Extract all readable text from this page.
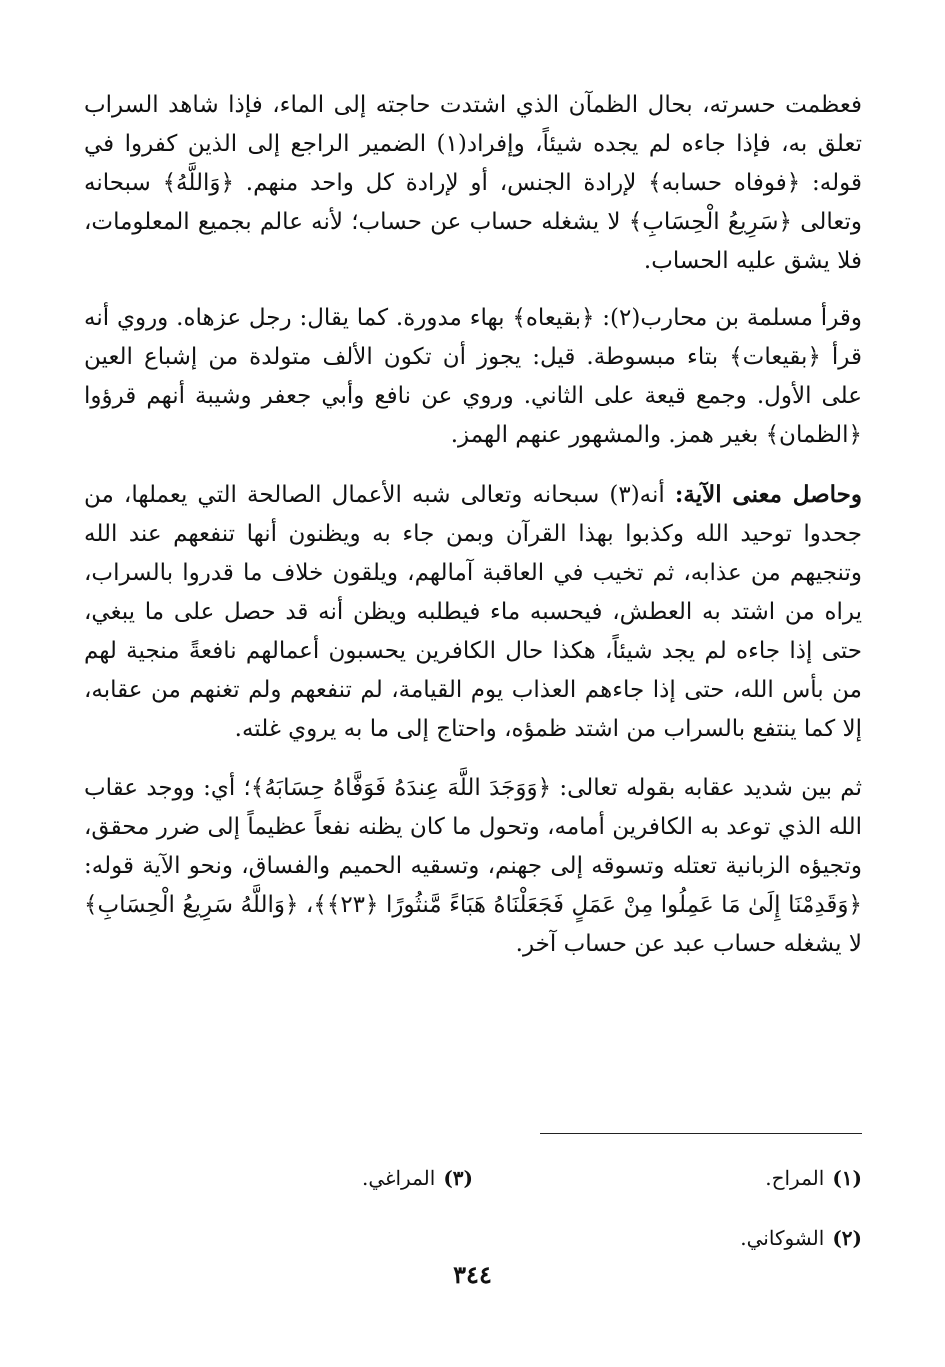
فعظمت حسرته، بحال الظمآن الذي اشتدت حاجته إلى الماء، فإذا شاهد السراب تعلق به، فإذا جاءه لم يجده شيئاً، وإفراد(١) الضمير الراجع إلى الذين كفروا في قوله: ﴿فوفاه حسابه﴾ لإرادة الجنس، أو لإرادة كل واحد منهم. ﴿وَاللَّهُ﴾ سبحانه وتعالى ﴿سَرِيعُ الْحِسَابِ﴾ لا يشغله حساب عن حساب؛ لأنه عالم بجميع المعلومات، فلا يشق عليه الحساب.

وقرأ مسلمة بن محارب(٢): ﴿بقيعاه﴾ بهاء مدورة. كما يقال: رجل عزهاه. وروي أنه قرأ ﴿بقيعات﴾ بتاء مبسوطة. قيل: يجوز أن تكون الألف متولدة من إشباع العين على الأول. وجمع قيعة على الثاني. وروي عن نافع وأبي جعفر وشيبة أنهم قرؤوا ﴿الظمان﴾ بغير همز. والمشهور عنهم الهمز.

وحاصل معنى الآية: أنه(٣) سبحانه وتعالى شبه الأعمال الصالحة التي يعملها، من جحدوا توحيد الله وكذبوا بهذا القرآن وبمن جاء به ويظنون أنها تنفعهم عند الله وتنجيهم من عذابه، ثم تخيب في العاقبة آمالهم، ويلقون خلاف ما قدروا بالسراب، يراه من اشتد به العطش، فيحسبه ماء فيطلبه ويظن أنه قد حصل على ما يبغي، حتى إذا جاءه لم يجد شيئاً، هكذا حال الكافرين يحسبون أعمالهم نافعةً منجية لهم من بأس الله، حتى إذا جاءهم العذاب يوم القيامة، لم تنفعهم ولم تغنهم من عقابه، إلا كما ينتفع بالسراب من اشتد ظمؤه، واحتاج إلى ما به يروي غلته.

ثم بين شديد عقابه بقوله تعالى: ﴿وَوَجَدَ اللَّهَ عِندَهُ فَوَفَّاهُ حِسَابَهُ﴾؛ أي: ووجد عقاب الله الذي توعد به الكافرين أمامه، وتحول ما كان يظنه نفعاً عظيماً إلى ضرر محقق، وتجيؤه الزبانية تعتله وتسوقه إلى جهنم، وتسقيه الحميم والفساق، ونحو الآية قوله: ﴿وَقَدِمْنَا إِلَىٰ مَا عَمِلُوا مِنْ عَمَلٍ فَجَعَلْنَاهُ هَبَاءً مَّنثُورًا ﴿٢٣﴾﴾، ﴿وَاللَّهُ سَرِيعُ الْحِسَابِ﴾ لا يشغله حساب عبد عن حساب آخر.

(١)
المراح.
(٣)
المراغي.
(٢)
الشوكاني.
٣٤٤
